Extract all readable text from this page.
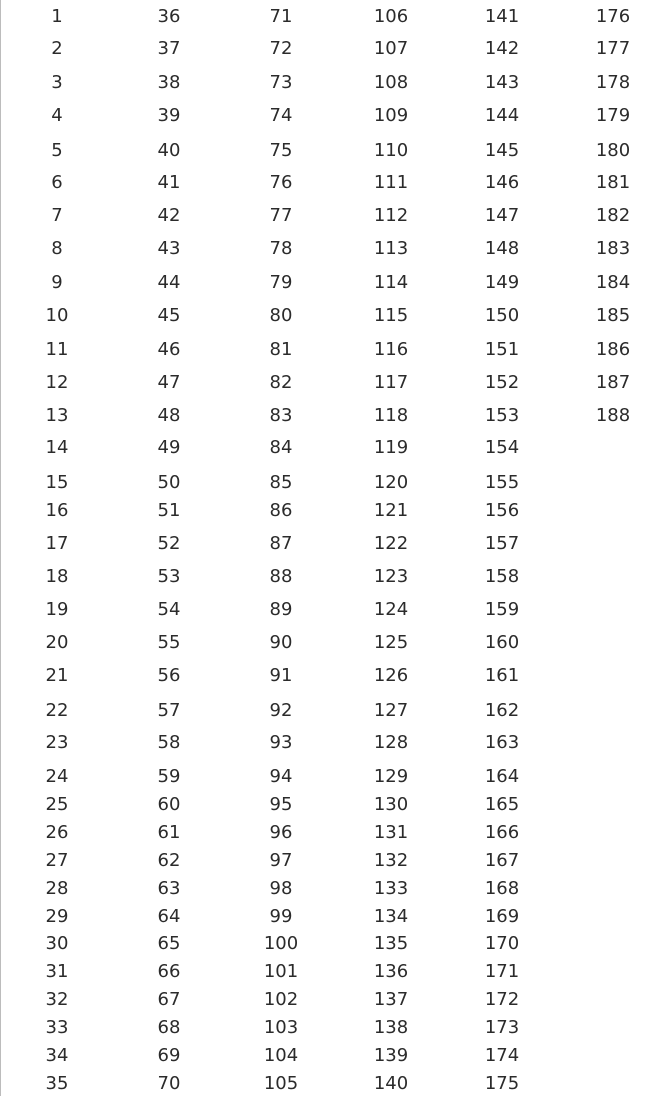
1
2
3
4
5
6
7
8
9
10
11
12
13
14
15
16
17
18
19
20
21
22
23
24
25
26
27
28
29
30
31
32
33
34
35
36
37
38
39
40
41
42
43
44
45
46
47
48
49
50
51
52
53
54
55
56
57
58
59
60
61
62
63
64
65
66
67
68
69
70
71
72
73
74
75
76
77
78
79
80
81
82
83
84
85
86
87
88
89
90
91
92
93
94
95
96
97
98
99
100
101
102
103
104
105
106
107
108
109
110
111
112
113
114
115
116
117
118
119
120
121
122
123
124
125
126
127
128
129
130
131
132
133
134
135
136
137
138
139
140
141
142
143
144
145
146
147
148
149
150
151
152
153
154
155
156
157
158
159
160
161
162
163
164
165
166
167
168
169
170
171
172
173
174
175
176
177
178
179
180
181
182
183
184
185
186
187
188
